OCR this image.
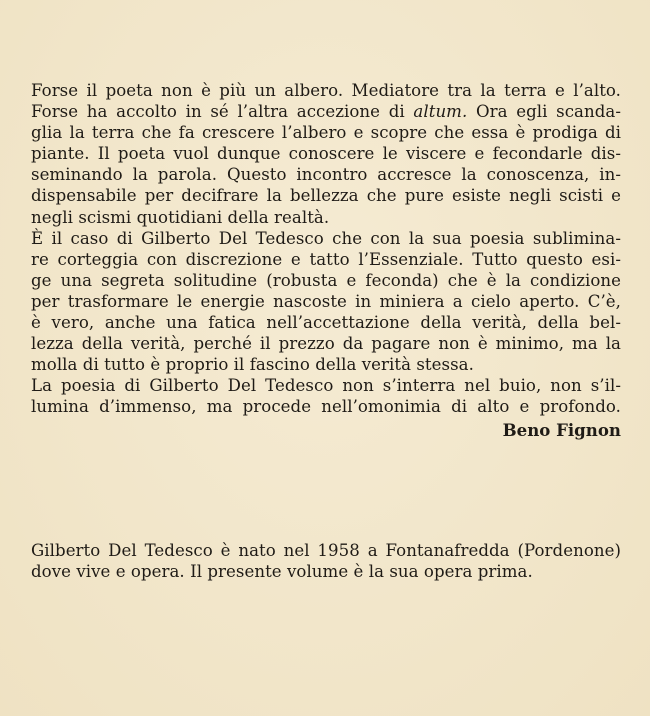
Forse il poeta non è più un albero. Mediatore tra la terra e l’alto.
Forse ha accolto in sé l’altra accezione di altum. Ora egli scanda-
glia la terra che fa crescere l’albero e scopre che essa è prodiga di
piante. Il poeta vuol dunque conoscere le viscere e fecondarle dis-
seminando la parola. Questo incontro accresce la conoscenza, in-
dispensabile per decifrare la bellezza che pure esiste negli scisti e
negli scismi quotidiani della realtà.

È il caso di Gilberto Del Tedesco che con la sua poesia sublimina-
re corteggia con discrezione e tatto l’Essenziale. Tutto questo esi-
ge una segreta solitudine (robusta e feconda) che è la condizione
per trasformare le energie nascoste in miniera a cielo aperto. C’è,
è vero, anche una fatica nell’accettazione della verità, della bel-
lezza della verità, perché il prezzo da pagare non è minimo, ma la
molla di tutto è proprio il fascino della verità stessa.

La poesia di Gilberto Del Tedesco non s’interra nel buio, non s’il-
lumina d’immenso, ma procede nell’omonimia di alto e profondo.

Beno Fignon

Gilberto Del Tedesco è nato nel 1958 a Fontanafredda (Pordenone)
dove vive e opera. Il presente volume è la sua opera prima.
